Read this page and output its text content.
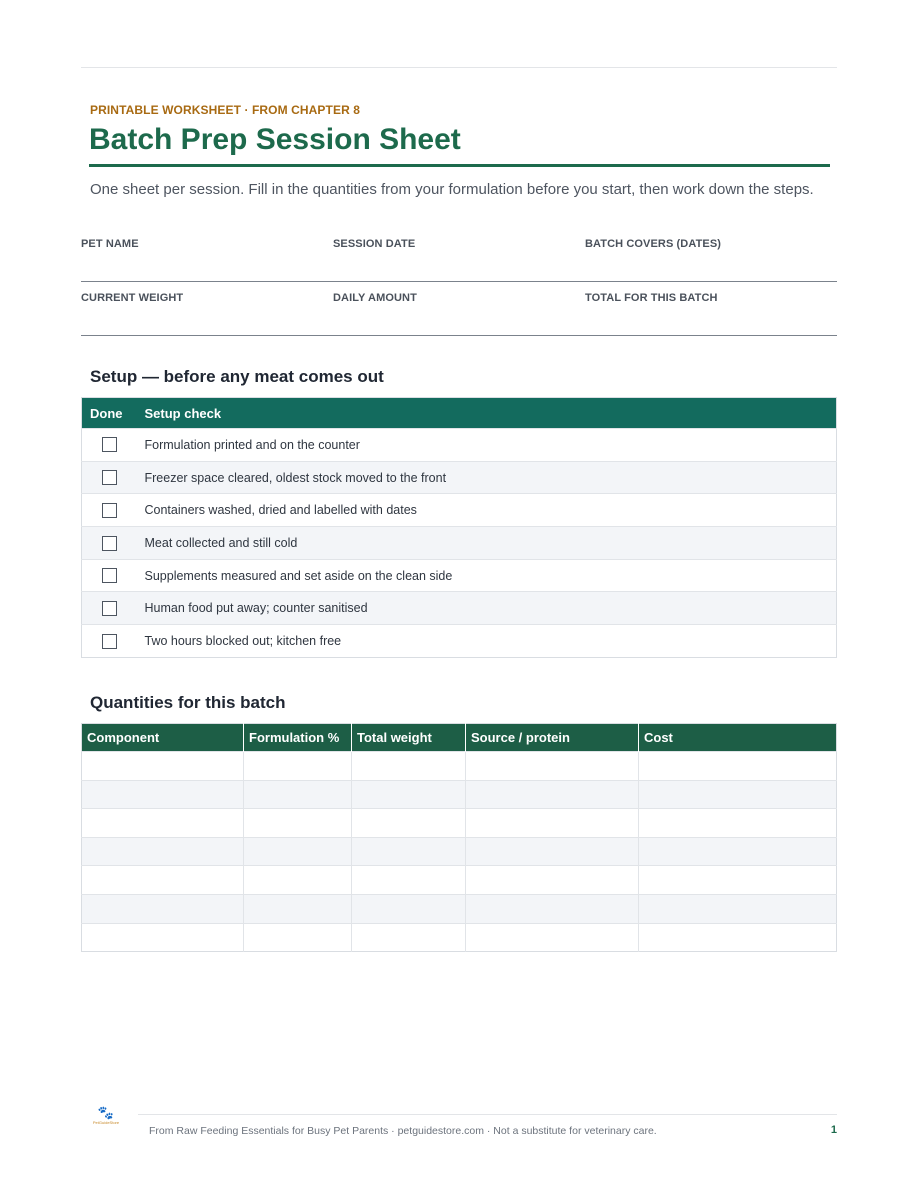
PRINTABLE WORKSHEET · FROM CHAPTER 8
Batch Prep Session Sheet
One sheet per session. Fill in the quantities from your formulation before you start, then work down the steps.
PET NAME	SESSION DATE	BATCH COVERS (DATES)
CURRENT WEIGHT	DAILY AMOUNT	TOTAL FOR THIS BATCH
Setup — before any meat comes out
Done	Setup check
	Formulation printed and on the counter
	Freezer space cleared, oldest stock moved to the front
	Containers washed, dried and labelled with dates
	Meat collected and still cold
	Supplements measured and set aside on the clean side
	Human food put away; counter sanitised
	Two hours blocked out; kitchen free
Quantities for this batch
Component	Formulation %	Total weight	Source / protein	Cost

🐾
PetGuideStore
From Raw Feeding Essentials for Busy Pet Parents · petguidestore.com · Not a substitute for veterinary care.	1
